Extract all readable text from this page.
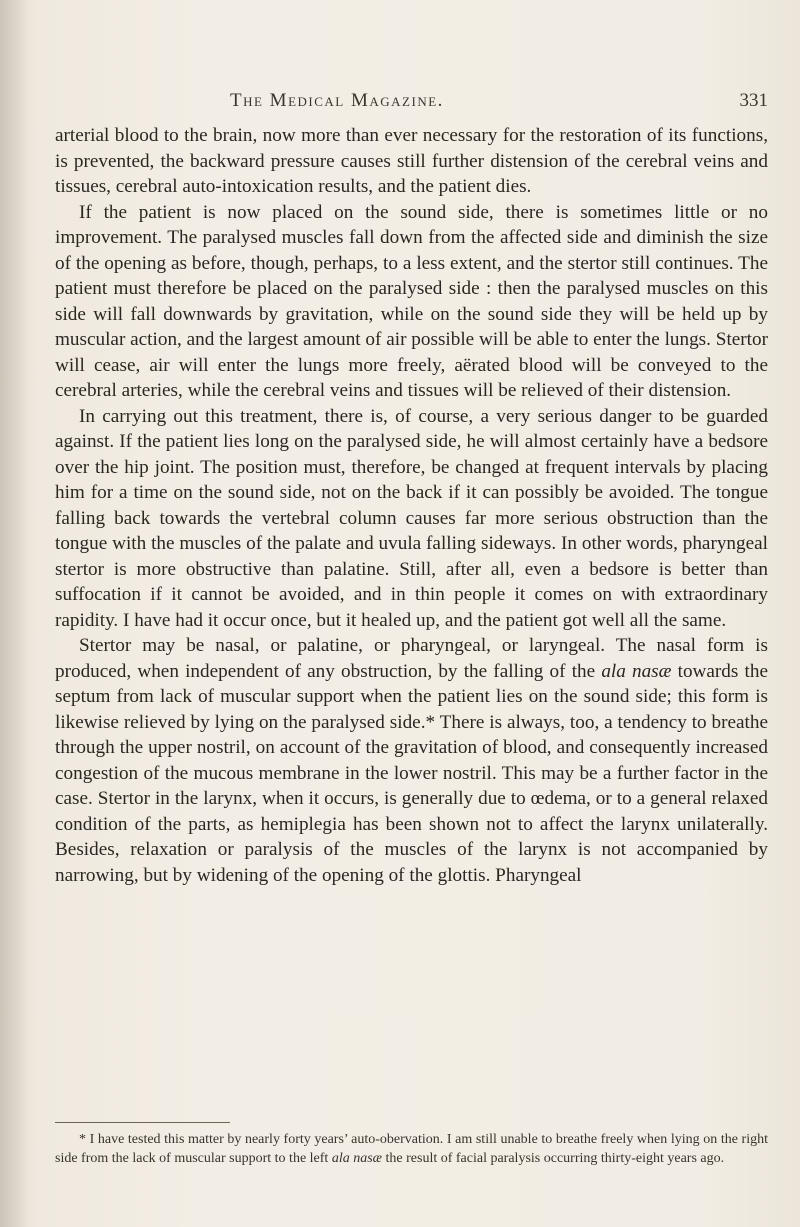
The Medical Magazine.	331

arterial blood to the brain, now more than ever necessary for the restoration of its functions, is prevented, the backward pressure causes still further distension of the cerebral veins and tissues, cerebral auto-intoxication results, and the patient dies.

If the patient is now placed on the sound side, there is sometimes little or no improvement. The paralysed muscles fall down from the affected side and diminish the size of the opening as before, though, perhaps, to a less extent, and the stertor still continues. The patient must therefore be placed on the paralysed side : then the paralysed muscles on this side will fall downwards by gravitation, while on the sound side they will be held up by muscular action, and the largest amount of air possible will be able to enter the lungs. Stertor will cease, air will enter the lungs more freely, aërated blood will be conveyed to the cerebral arteries, while the cerebral veins and tissues will be relieved of their distension.

In carrying out this treatment, there is, of course, a very serious danger to be guarded against. If the patient lies long on the paralysed side, he will almost certainly have a bedsore over the hip joint. The position must, therefore, be changed at frequent intervals by placing him for a time on the sound side, not on the back if it can possibly be avoided. The tongue falling back towards the vertebral column causes far more serious obstruction than the tongue with the muscles of the palate and uvula falling sideways. In other words, pharyngeal stertor is more obstructive than palatine. Still, after all, even a bedsore is better than suffocation if it cannot be avoided, and in thin people it comes on with extraordinary rapidity. I have had it occur once, but it healed up, and the patient got well all the same.

Stertor may be nasal, or palatine, or pharyngeal, or laryngeal. The nasal form is produced, when independent of any obstruction, by the falling of the ala nasæ towards the septum from lack of muscular support when the patient lies on the sound side; this form is likewise relieved by lying on the paralysed side.* There is always, too, a tendency to breathe through the upper nostril, on account of the gravitation of blood, and consequently increased congestion of the mucous membrane in the lower nostril. This may be a further factor in the case. Stertor in the larynx, when it occurs, is generally due to œdema, or to a general relaxed condition of the parts, as hemiplegia has been shown not to affect the larynx unilaterally. Besides, relaxation or paralysis of the muscles of the larynx is not accompanied by narrowing, but by widening of the opening of the glottis. Pharyngeal

* I have tested this matter by nearly forty years’ auto-obervation. I am still unable to breathe freely when lying on the right side from the lack of muscular support to the left ala nasæ the result of facial paralysis occurring thirty-eight years ago.
